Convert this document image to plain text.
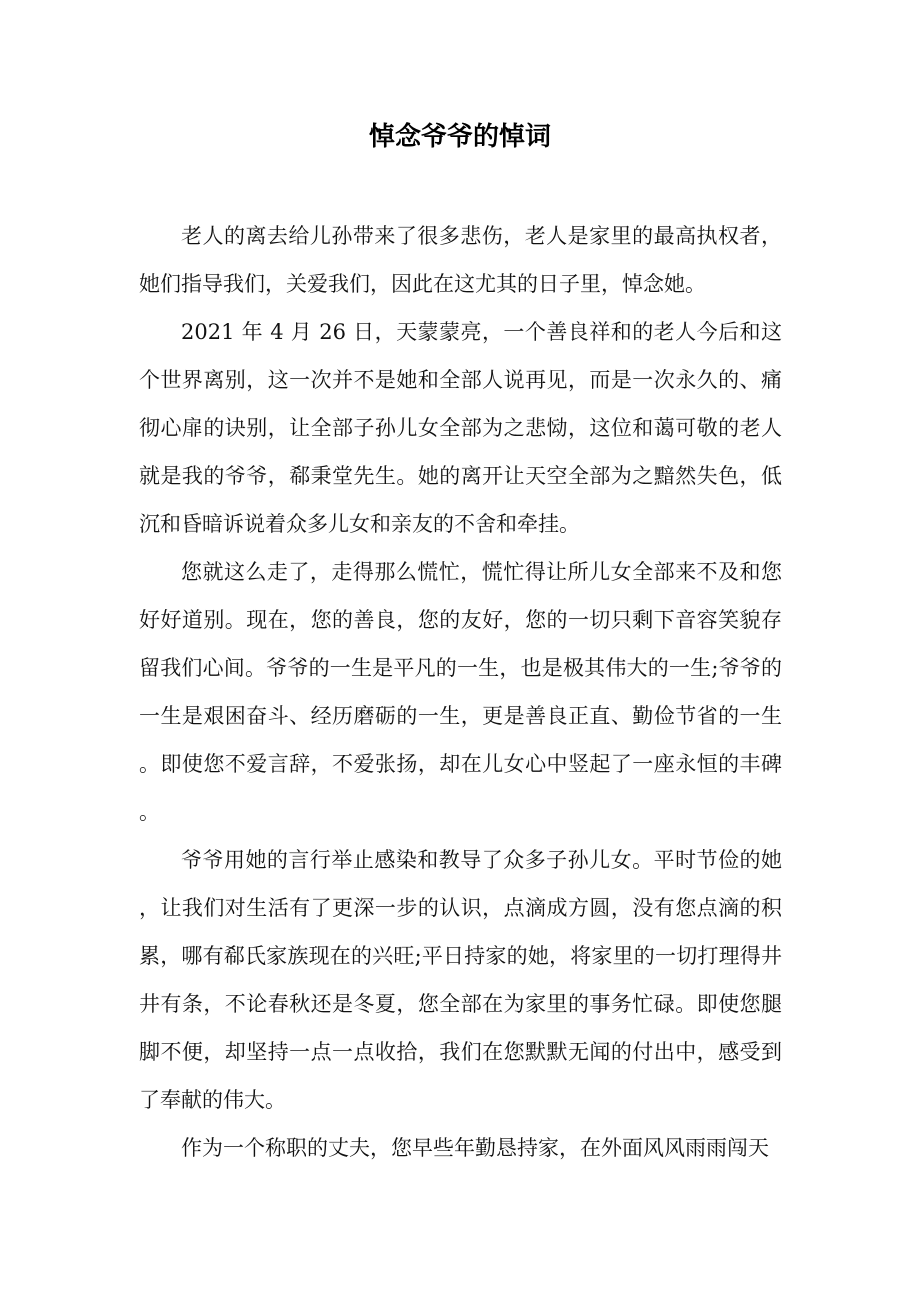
悼念爷爷的悼词

老人的离去给儿孙带来了很多悲伤，老人是家里的最高执权者，她们指导我们，关爱我们，因此在这尤其的日子里，悼念她。

2021 年 4 月 26 日，天蒙蒙亮，一个善良祥和的老人今后和这个世界离别，这一次并不是她和全部人说再见，而是一次永久的、痛彻心扉的诀别，让全部子孙儿女全部为之悲恸，这位和蔼可敬的老人就是我的爷爷，郗秉堂先生。她的离开让天空全部为之黯然失色，低沉和昏暗诉说着众多儿女和亲友的不舍和牵挂。

您就这么走了，走得那么慌忙，慌忙得让所儿女全部来不及和您好好道别。现在，您的善良，您的友好，您的一切只剩下音容笑貌存留我们心间。爷爷的一生是平凡的一生，也是极其伟大的一生;爷爷的一生是艰困奋斗、经历磨砺的一生，更是善良正直、勤俭节省的一生。即使您不爱言辞，不爱张扬，却在儿女心中竖起了一座永恒的丰碑。

爷爷用她的言行举止感染和教导了众多子孙儿女。平时节俭的她，让我们对生活有了更深一步的认识，点滴成方圆，没有您点滴的积累，哪有郗氏家族现在的兴旺;平日持家的她，将家里的一切打理得井井有条，不论春秋还是冬夏，您全部在为家里的事务忙碌。即使您腿脚不便，却坚持一点一点收拾，我们在您默默无闻的付出中，感受到了奉献的伟大。

作为一个称职的丈夫，您早些年勤恳持家，在外面风风雨雨闯天
